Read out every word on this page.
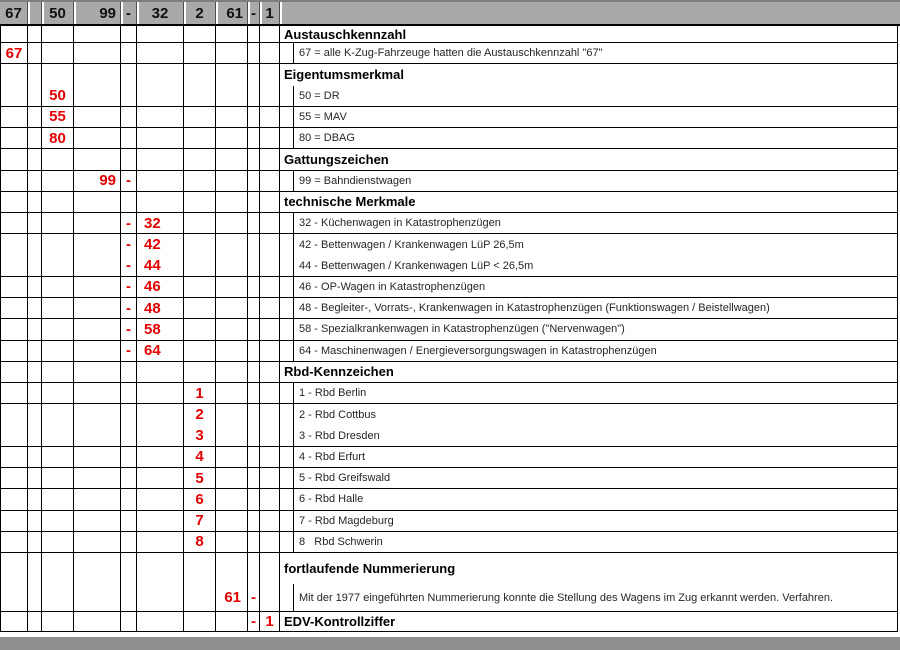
67	50	99 -	32	2	61 - 1
Austauschkennzahl
67	67 = alle K-Zug-Fahrzeuge hatten die Austauschkennzahl "67"
Eigentumsmerkmal
50	50 = DR
55	55 = MAV
80	80 = DBAG
Gattungszeichen
99 -	99 = Bahndienstwagen
technische Merkmale
- 32	32 - Küchenwagen in Katastrophenzügen
- 42	42 - Bettenwagen / Krankenwagen LüP 26,5m
- 44	44 - Bettenwagen / Krankenwagen LüP < 26,5m
- 46	46 - OP-Wagen in Katastrophenzügen
- 48	48 - Begleiter-, Vorrats-, Krankenwagen in Katastrophenzügen (Funktionswagen / Beistellwagen)
- 58	58 - Spezialkrankenwagen in Katastrophenzügen ("Nervenwagen")
- 64	64 - Maschinenwagen / Energieversorgungswagen in Katastrophenzügen
Rbd-Kennzeichen
1	1 - Rbd Berlin
2	2 - Rbd Cottbus
3	3 - Rbd Dresden
4	4 - Rbd Erfurt
5	5 - Rbd Greifswald
6	6 - Rbd Halle
7	7 - Rbd Magdeburg
8	8   Rbd Schwerin
fortlaufende Nummerierung
61 -	Mit der 1977 eingeführten Nummerierung konnte die Stellung des Wagens im Zug erkannt werden. Verfahren.
- 1 EDV-Kontrollziffer
